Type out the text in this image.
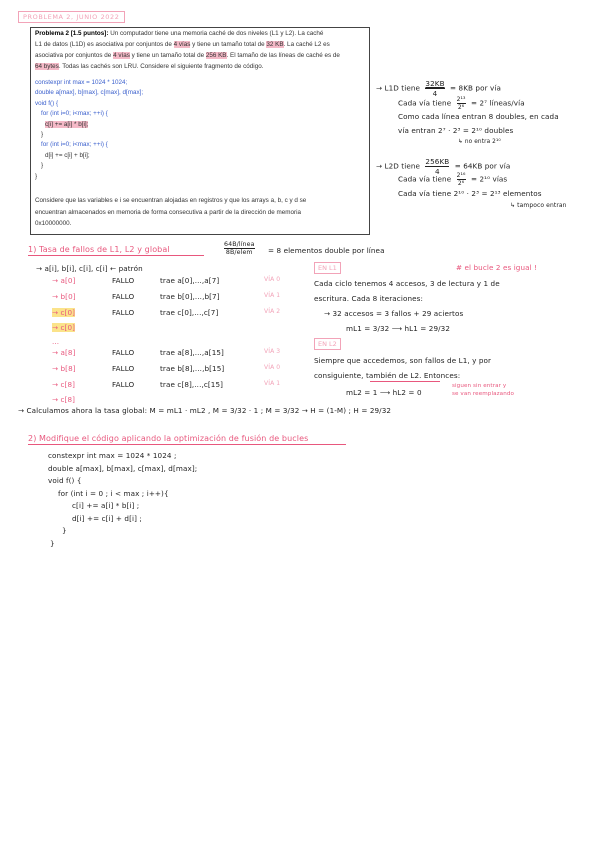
PROBLEMA 2, JUNIO 2022
Problema 2 [1.5 puntos]: Un computador tiene una memoria caché de dos niveles (L1 y L2). La caché
L1 de datos (L1D) es asociativa por conjuntos de 4 vías y tiene un tamaño total de 32 KB. La caché L2 es
asociativa por conjuntos de 4 vías y tiene un tamaño total de 256 KB. El tamaño de las líneas de caché es de
64 bytes. Todas las cachés son LRU. Considere el siguiente fragmento de código.
constexpr int max = 1024 * 1024;
double a[max], b[max], c[max], d[max];
void f() {
for (int i=0; i<max; ++i) {
c[i] += a[i] * b[i];
}
for (int i=0; i<max; ++i) {
d[i] += c[i] + b[i];
}
}
Considere que las variables e i se encuentran alojadas en registros y que los arrays a, b, c y d se
encuentran almacenados en memoria de forma consecutiva a partir de la dirección de memoria
0x10000000.
→ L1D tiene $\frac{32KB}{4} = 8KB$ por vía
Cada vía tiene $\frac{\text{2¹³}}{\text{2⁶}} = 2^7$ líneas/vía
Como cada línea entran 8 doubles, en cada
vía entran 2⁷ · 2³ = 2¹⁰ doubles
↳ no entra 2¹⁰
→ L2D tiene $\frac{256KB}{4} = 64KB$ por vía
Cada vía tiene $\frac{\text{2¹⁶}}{\text{2⁶}} = 2^{10}$ vías
Cada vía tiene 2¹⁰ · 2³ = 2¹³ elementos
↳ tampoco entran
1) Tasa de fallos de L1, L2 y global
64B/línea
8B/elem = 8 elementos double por línea
→ a[i], b[i], c[i], c[i] ← patrón
→ a[0]	FALLO	trae a[0],...,a[7]	VÍA 0
→ b[0]	FALLO	trae b[0],...,b[7]	VÍA 1
→ c[0]	FALLO	trae c[0],...,c[7]	VÍA 2
→ c[0]
...
→ a[8]	FALLO	trae a[8],...,a[15]	VÍA 3
→ b[8]	FALLO	trae b[8],...,b[15]	VÍA 0
→ c[8]	FALLO	trae c[8],...,c[15]	VÍA 1
→ c[8]
EN L1	# el bucle 2 es igual !
Cada ciclo tenemos 4 accesos, 3 de lectura y 1 de
escritura. Cada 8 iteraciones:
→ 32 accesos = 3 fallos + 29 aciertos
mL1 = 3/32 ⟶ hL1 = 29/32
EN L2
Siempre que accedemos, son fallos de L1, y por
consiguiente, también de L2. Entonces:
mL2 = 1 ⟶ hL2 = 0
siguen sin entrar y
se van reemplazando
→ Calculamos ahora la tasa global: M = mL1 · mL2 , M = 3/32 · 1 ; M = 3/32 → H = (1-M) ; H = 29/32
2) Modifique el código aplicando la optimización de fusión de bucles
constexpr int max = 1024 * 1024 ;
double a[max], b[max], c[max], d[max];
void f() {
for (int i = 0 ; i < max ; i++){
c[i] += a[i] * b[i] ;
d[i] += c[i] + d[i] ;
}
}
